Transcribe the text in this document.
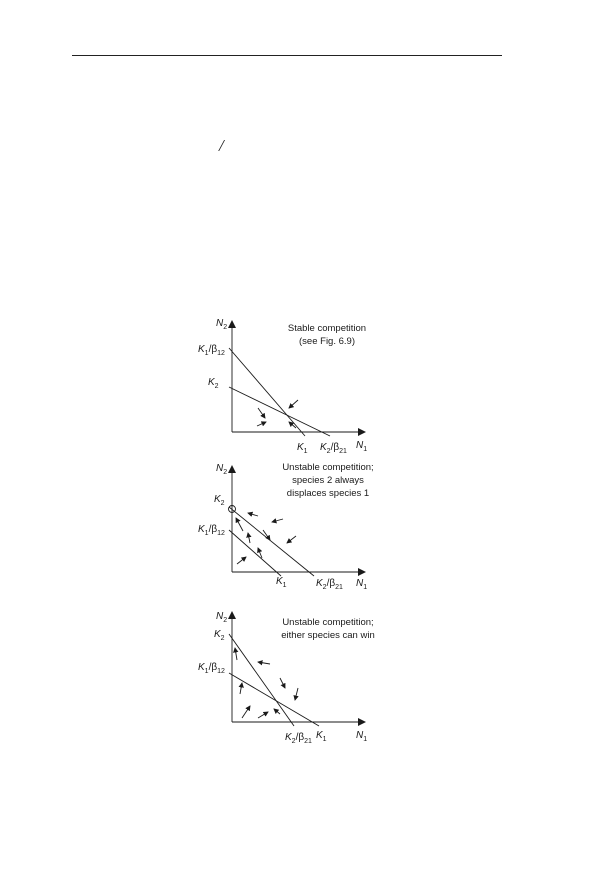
/
$N_2$
$K_1/\beta_{12}$
$K_2$
$K_1$ $K_2/\beta_{21}$
$N_1$
Stable competition
(see Fig. 6.9)
$N_2$
$K_2$
$K_1/\beta_{12}$
$K_1$	$K_2/\beta_{21}$ $N_1$
Unstable competition;
species 2 always
displaces species 1
$N_2$
$K_2$
$K_1/\beta_{12}$
$K_2/\beta_{21}$
$K_1$	$N_1$
Unstable competition;
either species can win
